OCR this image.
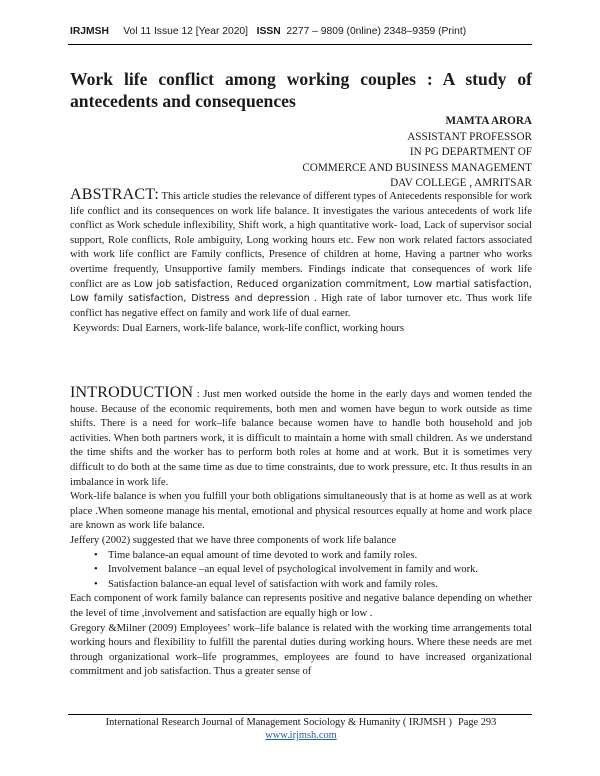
IRJMSH Vol 11 Issue 12 [Year 2020] ISSN 2277 – 9809 (0nline) 2348–9359 (Print)
Work life conflict among working couples : A study of antecedents and consequences
MAMTA ARORA
ASSISTANT PROFESSOR
IN PG DEPARTMENT OF
COMMERCE AND BUSINESS MANAGEMENT
DAV COLLEGE , AMRITSAR
ABSTRACT: This article studies the relevance of different types of Antecedents responsible for work life conflict and its consequences on work life balance. It investigates the various antecedents of work life conflict as Work schedule inflexibility, Shift work, a high quantitative work- load, Lack of supervisor social support, Role conflicts, Role ambiguity, Long working hours etc. Few non work related factors associated with work life conflict are Family conflicts, Presence of children at home, Having a partner who works overtime frequently, Unsupportive family members. Findings indicate that consequences of work life conflict are as Low job satisfaction, Reduced organization commitment, Low martial satisfaction, Low family satisfaction, Distress and depression . High rate of labor turnover etc. Thus work life conflict has negative effect on family and work life of dual earner.
Keywords: Dual Earners, work-life balance, work-life conflict, working hours

INTRODUCTION : Just men worked outside the home in the early days and women tended the house. Because of the economic requirements, both men and women have begun to work outside as time shifts. There is a need for work–life balance because women have to handle both household and job activities. When both partners work, it is difficult to maintain a home with small children. As we understand the time shifts and the worker has to perform both roles at home and at work. But it is sometimes very difficult to do both at the same time as due to time constraints, due to work pressure, etc. It thus results in an imbalance in work life.

Work-life balance is when you fulfill your both obligations simultaneously that is at home as well as at work place .When someone manage his mental, emotional and physical resources equally at home and work place are known as work life balance.

Jeffery (2002) suggested that we have three components of work life balance

• Time balance-an equal amount of time devoted to work and family roles.
• Involvement balance –an equal level of psychological involvement in family and work.
• Satisfaction balance-an equal level of satisfaction with work and family roles.

Each component of work family balance can represents positive and negative balance depending on whether the level of time ,involvement and satisfaction are equally high or low .

Gregory &Milner (2009) Employees’ work–life balance is related with the working time arrangements total working hours and flexibility to fulfill the parental duties during working hours. Where these needs are met through organizational work–life programmes, employees are found to have increased organizational commitment and job satisfaction. Thus a greater sense of

International Research Journal of Management Sociology & Humanity ( IRJMSH ) Page 293
www.irjmsh.com
